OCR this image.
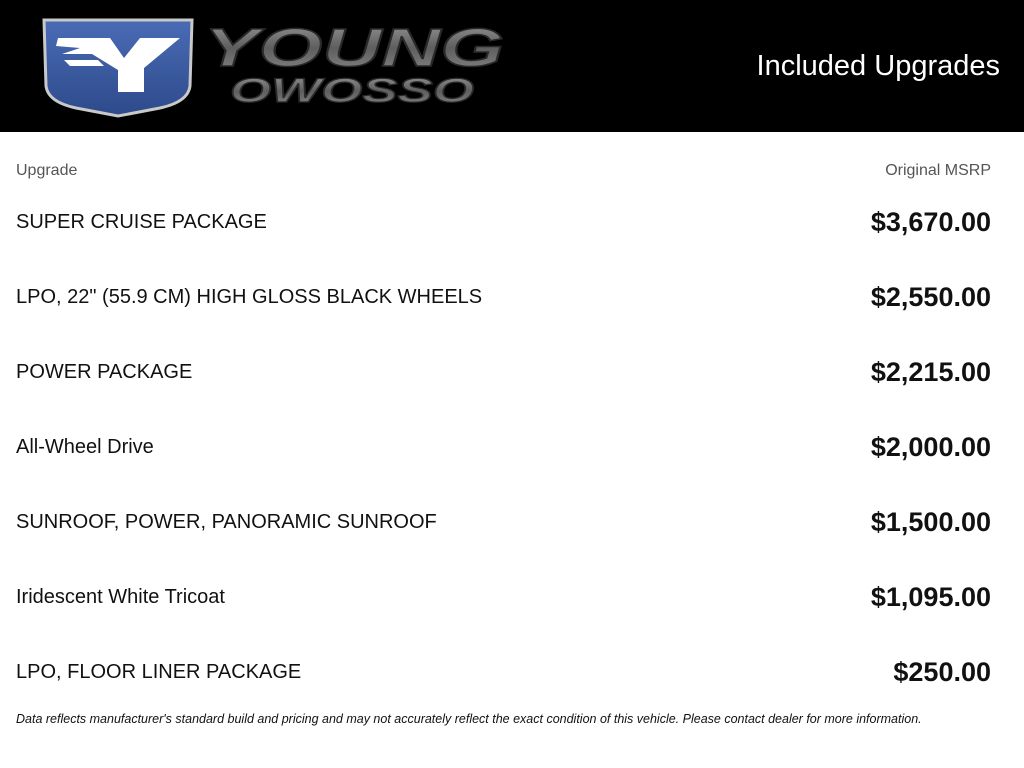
YOUNG
OWOSSO
Included Upgrades
Upgrade	Original MSRP
SUPER CRUISE PACKAGE	$3,670.00
LPO, 22" (55.9 CM) HIGH GLOSS BLACK WHEELS	$2,550.00
POWER PACKAGE	$2,215.00
All-Wheel Drive	$2,000.00
SUNROOF, POWER, PANORAMIC SUNROOF	$1,500.00
Iridescent White Tricoat	$1,095.00
LPO, FLOOR LINER PACKAGE	$250.00
Data reflects manufacturer's standard build and pricing and may not accurately reflect the exact condition of this vehicle. Please contact dealer for more information.
